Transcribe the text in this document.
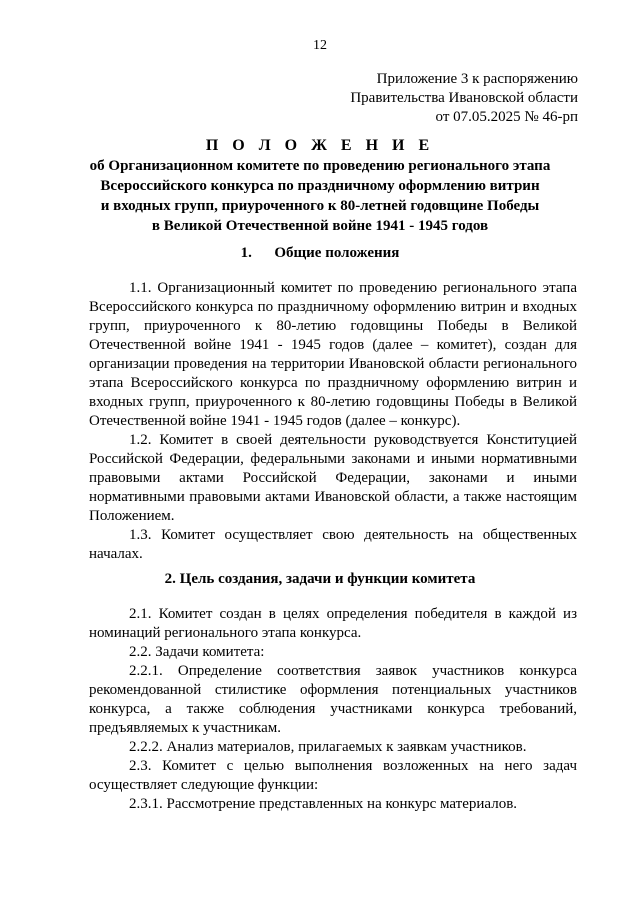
12
Приложение 3 к распоряжению
Правительства Ивановской области
от 07.05.2025 № 46-рп
П О Л О Ж Е Н И Е
об Организационном комитете по проведению регионального этапа
Всероссийского конкурса по праздничному оформлению витрин
и входных групп, приуроченного к 80-летней годовщине Победы
в Великой Отечественной войне 1941 - 1945 годов
1.      Общие положения

1.1. Организационный комитет по проведению регионального этапа Всероссийского конкурса по праздничному оформлению витрин и входных групп, приуроченного к 80-летию годовщины Победы в Великой Отечественной войне 1941 - 1945 годов (далее – комитет), создан для организации проведения на территории Ивановской области регионального этапа Всероссийского конкурса по праздничному оформлению витрин и входных групп, приуроченного к 80-летию годовщины Победы в Великой Отечественной войне 1941 - 1945 годов (далее – конкурс).

1.2. Комитет в своей деятельности руководствуется Конституцией Российской Федерации, федеральными законами и иными нормативными правовыми актами Российской Федерации, законами и иными нормативными правовыми актами Ивановской области, а также настоящим Положением.

1.3. Комитет осуществляет свою деятельность на общественных началах.

2. Цель создания, задачи и функции комитета

2.1. Комитет создан в целях определения победителя в каждой из номинаций регионального этапа конкурса.

2.2. Задачи комитета:

2.2.1. Определение соответствия заявок участников конкурса рекомендованной стилистике оформления потенциальных участников конкурса, а также соблюдения участниками конкурса требований, предъявляемых к участникам.

2.2.2. Анализ материалов, прилагаемых к заявкам участников.

2.3. Комитет с целью выполнения возложенных на него задач осуществляет следующие функции:

2.3.1. Рассмотрение представленных на конкурс материалов.
